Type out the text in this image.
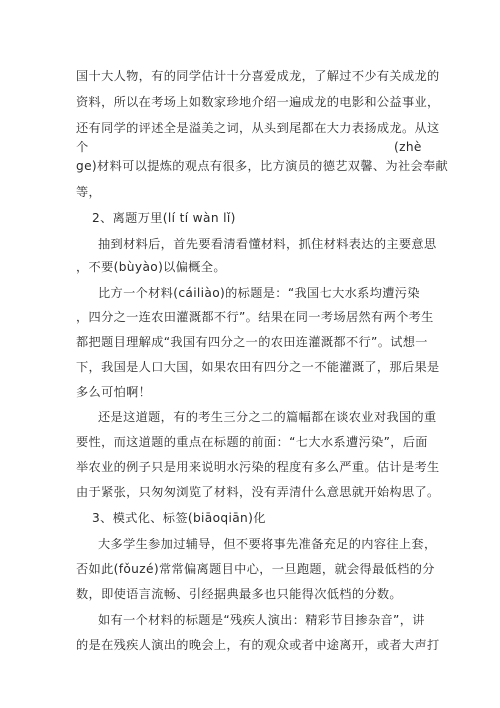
国十大人物，有的同学估计十分喜爱成龙，了解过不少有关成龙的
资料，所以在考场上如数家珍地介绍一遍成龙的电影和公益事业，
还有同学的评述全是溢美之词，从头到尾都在大力表扬成龙。从这
个	(zhè
ge)材料可以提炼的观点有很多，比方演员的德艺双馨、为社会奉献
等，
2、离题万里(lí tí wàn lǐ)
抽到材料后，首先要看清看懂材料，抓住材料表达的主要意思
，不要(bùyào)以偏概全。
比方一个材料(cáiliào)的标题是：“我国七大水系均遭污染
，四分之一连农田灌溉都不行”。结果在同一考场居然有两个考生
都把题目理解成“我国有四分之一的农田连灌溉都不行”。试想一
下，我国是人口大国，如果农田有四分之一不能灌溉了，那后果是
多么可怕啊！
还是这道题，有的考生三分之二的篇幅都在谈农业对我国的重
要性，而这道题的重点在标题的前面：“七大水系遭污染”，后面
举农业的例子只是用来说明水污染的程度有多么严重。估计是考生
由于紧张，只匆匆浏览了材料，没有弄清什么意思就开始构思了。
3、模式化、标签(biāoqiān)化
大多学生参加过辅导，但不要将事先准备充足的内容往上套，
否如此(fǒuzé)常常偏离题目中心，一旦跑题，就会得最低档的分
数，即使语言流畅、引经据典最多也只能得次低档的分数。
如有一个材料的标题是“残疾人演出：精彩节目掺杂音”，讲
的是在残疾人演出的晚会上，有的观众或者中途离开，或者大声打
